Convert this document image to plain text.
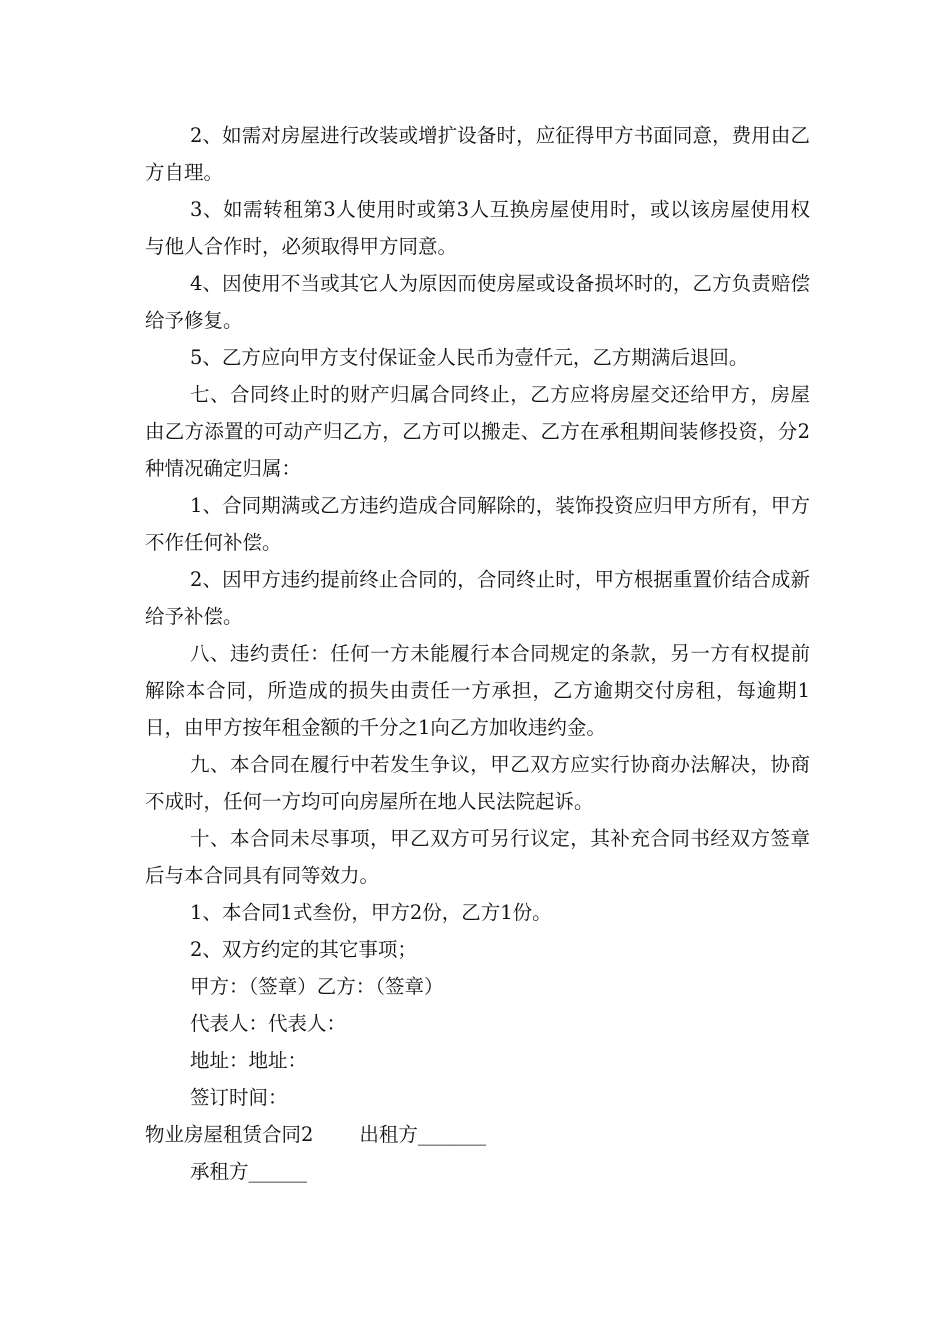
2、如需对房屋进行改装或增扩设备时，应征得甲方书面同意，费用由乙方自理。

3、如需转租第3人使用时或第3人互换房屋使用时，或以该房屋使用权与他人合作时，必须取得甲方同意。

4、因使用不当或其它人为原因而使房屋或设备损坏时的，乙方负责赔偿给予修复。

5、乙方应向甲方支付保证金人民币为壹仟元，乙方期满后退回。

七、合同终止时的财产归属合同终止，乙方应将房屋交还给甲方，房屋由乙方添置的可动产归乙方，乙方可以搬走、乙方在承租期间装修投资，分2种情况确定归属：

1、合同期满或乙方违约造成合同解除的，装饰投资应归甲方所有，甲方不作任何补偿。

2、因甲方违约提前终止合同的，合同终止时，甲方根据重置价结合成新给予补偿。

八、违约责任：任何一方未能履行本合同规定的条款，另一方有权提前解除本合同，所造成的损失由责任一方承担，乙方逾期交付房租，每逾期1日，由甲方按年租金额的千分之1向乙方加收违约金。

九、本合同在履行中若发生争议，甲乙双方应实行协商办法解决，协商不成时，任何一方均可向房屋所在地人民法院起诉。

十、本合同未尽事项，甲乙双方可另行议定，其补充合同书经双方签章后与本合同具有同等效力。

1、本合同1式叁份，甲方2份，乙方1份。

2、双方约定的其它事项；

甲方：（签章）乙方：（签章）

代表人：代表人：

地址：地址：

签订时间：

物业房屋租赁合同2 出租方_______

承租方______
